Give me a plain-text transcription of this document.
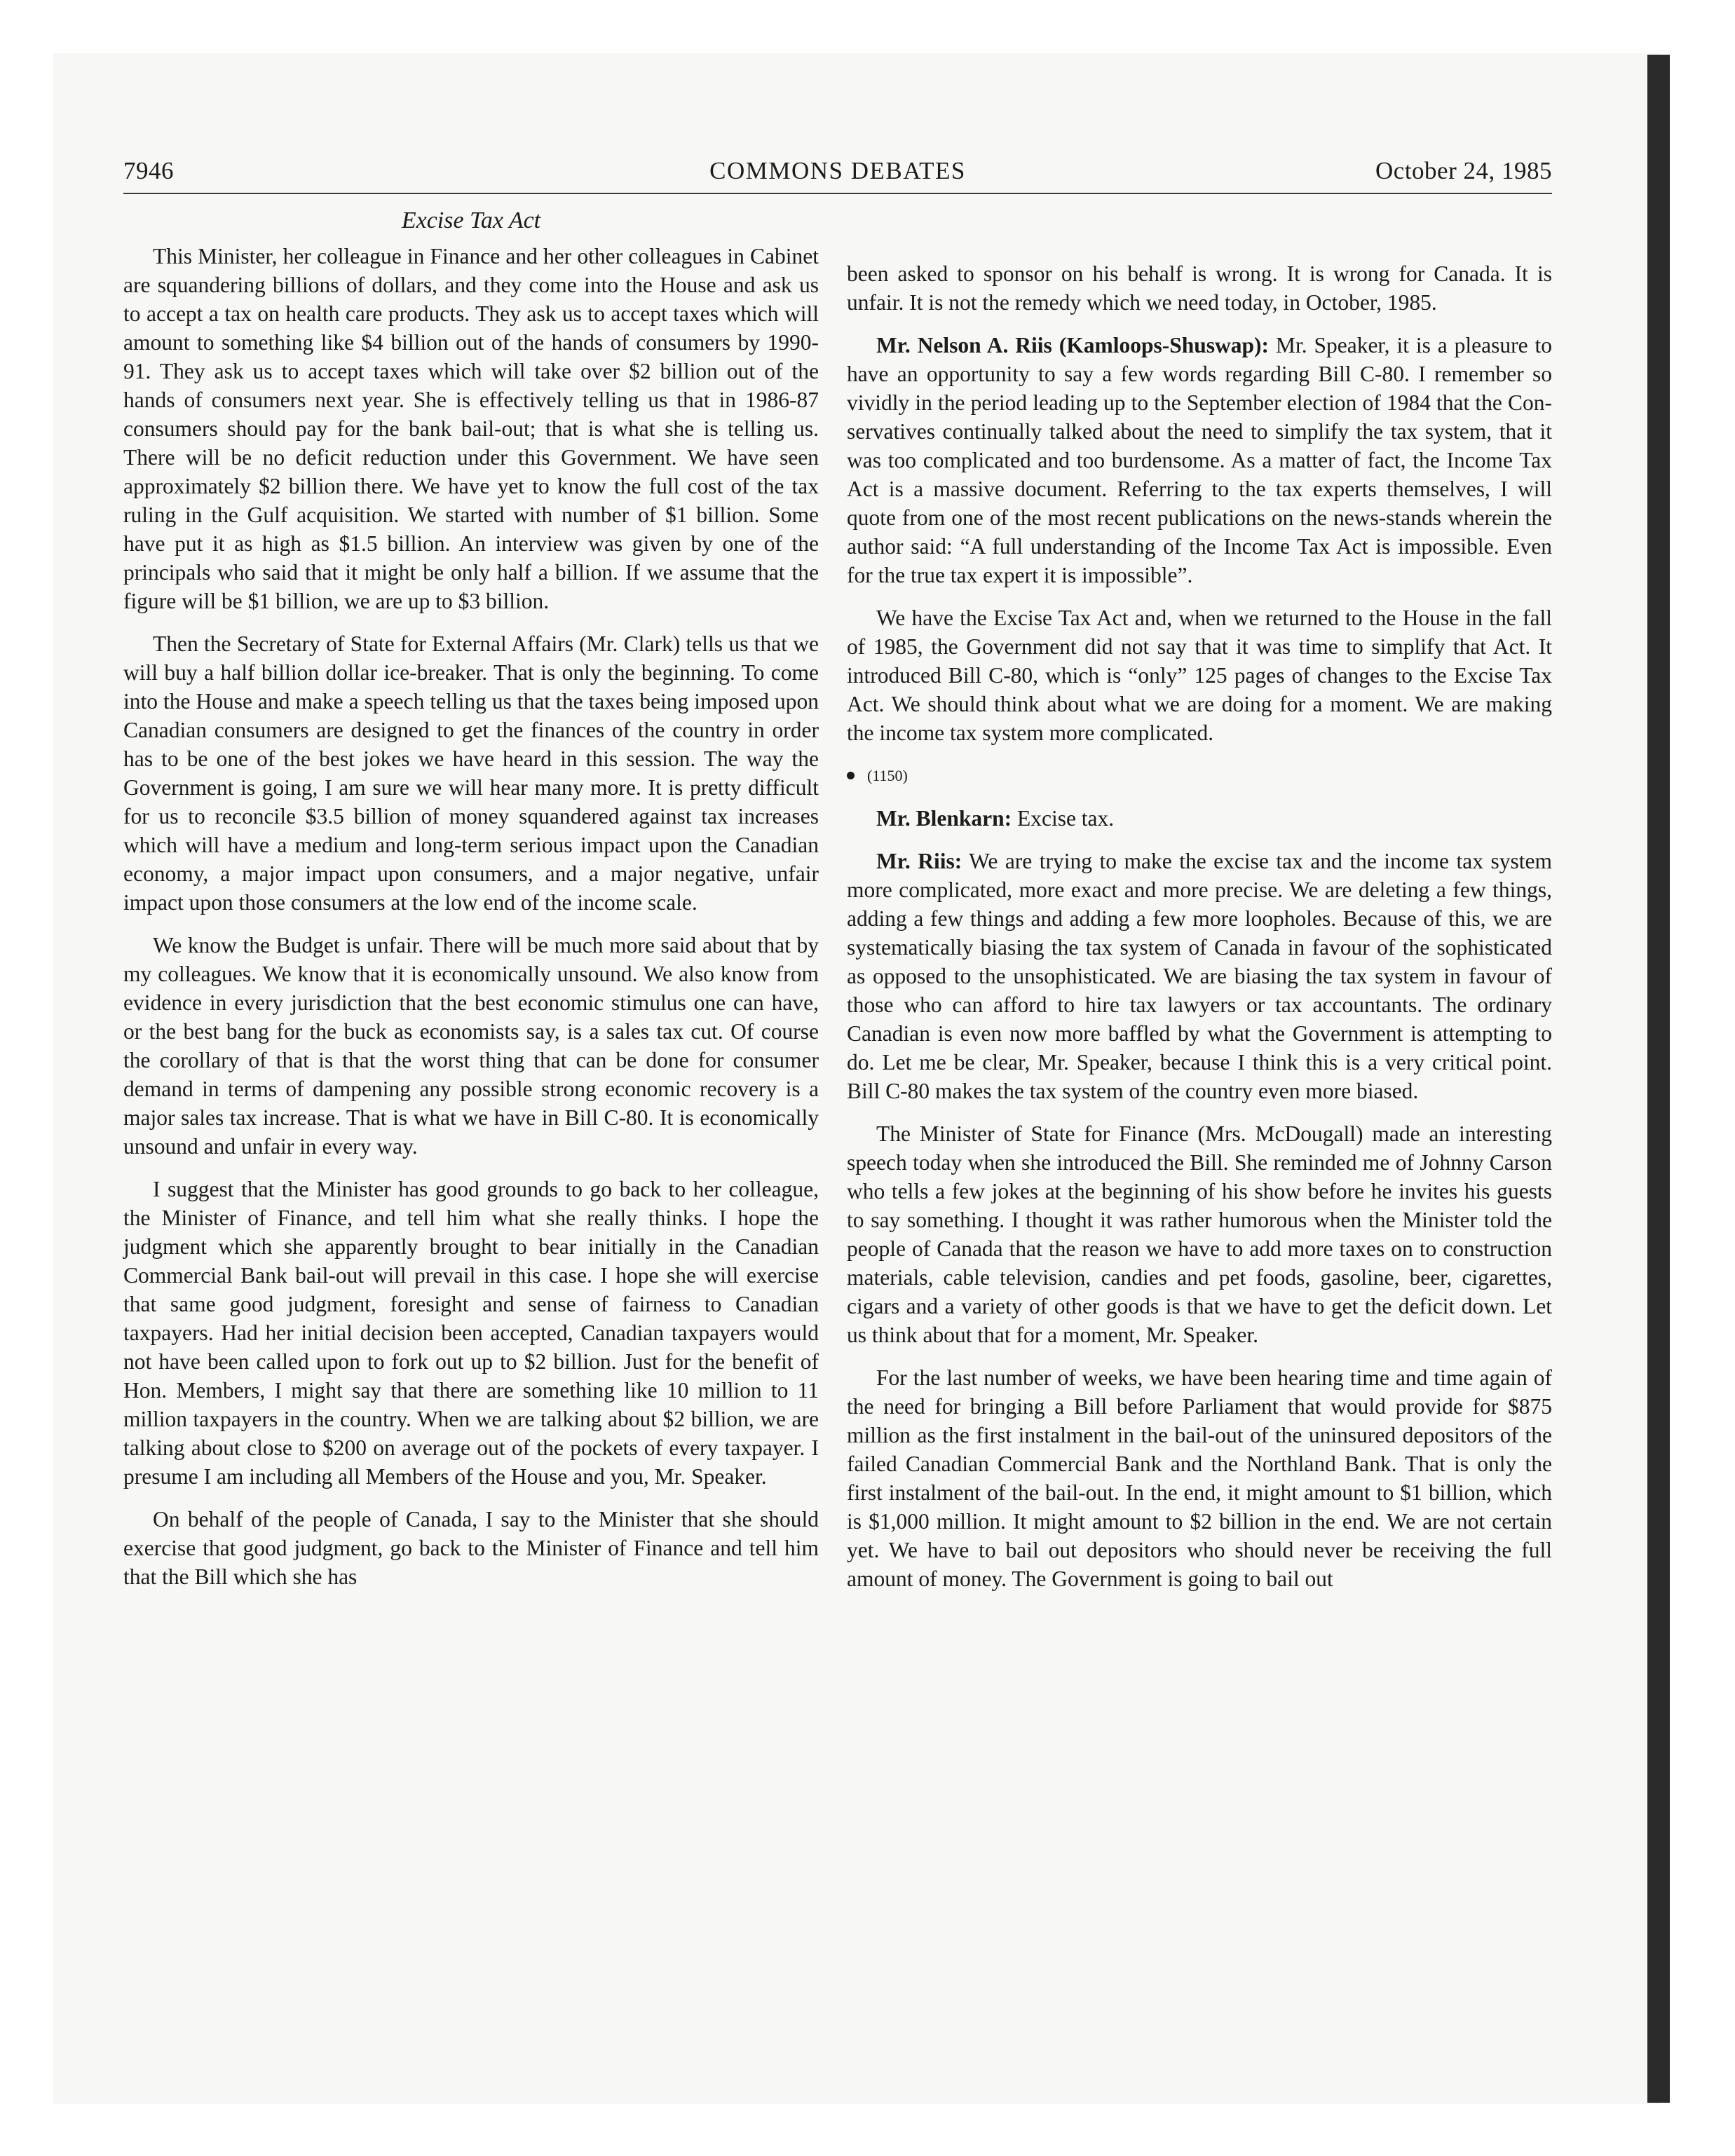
7946	COMMONS DEBATES	October 24, 1985
Excise Tax Act

This Minister, her colleague in Finance and her other colleagues in Cabinet are squandering billions of dollars, and they come into the House and ask us to accept a tax on health care products. They ask us to accept taxes which will amount to something like $4 billion out of the hands of consumers by 1990-91. They ask us to accept taxes which will take over $2 billion out of the hands of consumers next year. She is effectively telling us that in 1986-87 consumers should pay for the bank bail-out; that is what she is telling us. There will be no deficit reduction under this Government. We have seen approximately $2 billion there. We have yet to know the full cost of the tax ruling in the Gulf acquisition. We started with number of $1 billion. Some have put it as high as $1.5 billion. An interview was given by one of the principals who said that it might be only half a billion. If we assume that the figure will be $1 billion, we are up to $3 billion.

Then the Secretary of State for External Affairs (Mr. Clark) tells us that we will buy a half billion dollar ice-breaker. That is only the beginning. To come into the House and make a speech telling us that the taxes being imposed upon Canadian consumers are designed to get the finances of the country in order has to be one of the best jokes we have heard in this session. The way the Government is going, I am sure we will hear many more. It is pretty difficult for us to reconcile $3.5 billion of money squandered against tax increases which will have a medium and long-term serious impact upon the Canadian economy, a major impact upon consumers, and a major negative, unfair impact upon those consumers at the low end of the income scale.

We know the Budget is unfair. There will be much more said about that by my colleagues. We know that it is economically unsound. We also know from evidence in every jurisdiction that the best economic stimulus one can have, or the best bang for the buck as economists say, is a sales tax cut. Of course the corollary of that is that the worst thing that can be done for consumer demand in terms of dampening any possible strong economic recovery is a major sales tax increase. That is what we have in Bill C-80. It is economically unsound and unfair in every way.

I suggest that the Minister has good grounds to go back to her colleague, the Minister of Finance, and tell him what she really thinks. I hope the judgment which she apparently brought to bear initially in the Canadian Commercial Bank bail-out will prevail in this case. I hope she will exercise that same good judgment, foresight and sense of fairness to Canadian taxpayers. Had her initial decision been accepted, Canadian taxpayers would not have been called upon to fork out up to $2 billion. Just for the benefit of Hon. Members, I might say that there are something like 10 million to 11 million taxpayers in the country. When we are talking about $2 billion, we are talking about close to $200 on average out of the pockets of every taxpayer. I presume I am including all Members of the House and you, Mr. Speaker.

On behalf of the people of Canada, I say to the Minister that she should exercise that good judgment, go back to the Minister of Finance and tell him that the Bill which she has

been asked to sponsor on his behalf is wrong. It is wrong for Canada. It is unfair. It is not the remedy which we need today, in October, 1985.

Mr. Nelson A. Riis (Kamloops-Shuswap): Mr. Speaker, it is a pleasure to have an opportunity to say a few words regarding Bill C-80. I remember so vividly in the period leading up to the September election of 1984 that the Conservatives continually talked about the need to simplify the tax system, that it was too complicated and too burdensome. As a matter of fact, the Income Tax Act is a massive document. Referring to the tax experts themselves, I will quote from one of the most recent publications on the news-stands wherein the author said: “A full understanding of the Income Tax Act is impossible. Even for the true tax expert it is impossible”.

We have the Excise Tax Act and, when we returned to the House in the fall of 1985, the Government did not say that it was time to simplify that Act. It introduced Bill C-80, which is “only” 125 pages of changes to the Excise Tax Act. We should think about what we are doing for a moment. We are making the income tax system more complicated.

(1150)

Mr. Blenkarn: Excise tax.

Mr. Riis: We are trying to make the excise tax and the income tax system more complicated, more exact and more precise. We are deleting a few things, adding a few things and adding a few more loopholes. Because of this, we are systematically biasing the tax system of Canada in favour of the sophisticated as opposed to the unsophisticated. We are biasing the tax system in favour of those who can afford to hire tax lawyers or tax accountants. The ordinary Canadian is even now more baffled by what the Government is attempting to do. Let me be clear, Mr. Speaker, because I think this is a very critical point. Bill C-80 makes the tax system of the country even more biased.

The Minister of State for Finance (Mrs. McDougall) made an interesting speech today when she introduced the Bill. She reminded me of Johnny Carson who tells a few jokes at the beginning of his show before he invites his guests to say something. I thought it was rather humorous when the Minister told the people of Canada that the reason we have to add more taxes on to construction materials, cable television, candies and pet foods, gasoline, beer, cigarettes, cigars and a variety of other goods is that we have to get the deficit down. Let us think about that for a moment, Mr. Speaker.

For the last number of weeks, we have been hearing time and time again of the need for bringing a Bill before Parliament that would provide for $875 million as the first instalment in the bail-out of the uninsured depositors of the failed Canadian Commercial Bank and the Northland Bank. That is only the first instalment of the bail-out. In the end, it might amount to $1 billion, which is $1,000 million. It might amount to $2 billion in the end. We are not certain yet. We have to bail out depositors who should never be receiving the full amount of money. The Government is going to bail out
